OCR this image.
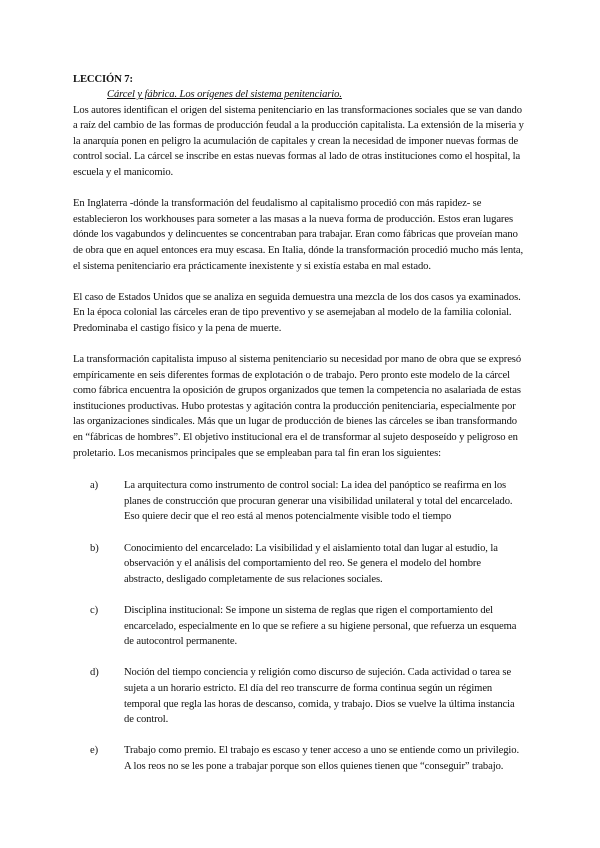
LECCIÓN 7:

Cárcel y fábrica. Los orígenes del sistema penitenciario.

Los autores identifican el origen del sistema penitenciario en las transformaciones sociales que se van dando a raíz del cambio de las formas de producción feudal a la producción capitalista. La extensión de la miseria y la anarquía ponen en peligro la acumulación de capitales y crean la necesidad de imponer nuevas formas de control social. La cárcel se inscribe en estas nuevas formas al lado de otras instituciones como el hospital, la escuela y el manicomio.

En Inglaterra -dónde la transformación del feudalismo al capitalismo procedió con más rapidez- se establecieron los workhouses para someter a las masas a la nueva forma de producción. Estos eran lugares dónde los vagabundos y delincuentes se concentraban para trabajar. Eran como fábricas que proveían mano de obra que en aquel entonces era muy escasa. En Italia, dónde la transformación procedió mucho más lenta, el sistema penitenciario era prácticamente inexistente y si existía estaba en mal estado.

El caso de Estados Unidos que se analiza en seguida demuestra una mezcla de los dos casos ya examinados. En la época colonial las cárceles eran de tipo preventivo y se asemejaban al modelo de la familia colonial. Predominaba el castigo físico y la pena de muerte.

La transformación capitalista impuso al sistema penitenciario su necesidad por mano de obra que se expresó empíricamente en seis diferentes formas de explotación o de trabajo. Pero pronto este modelo de la cárcel como fábrica encuentra la oposición de grupos organizados que temen la competencia no asalariada de estas instituciones productivas. Hubo protestas y agitación contra la producción penitenciaria, especialmente por las organizaciones sindicales. Más que un lugar de producción de bienes las cárceles se iban transformando en “fábricas de hombres”. El objetivo institucional era el de transformar al sujeto desposeído y peligroso en proletario. Los mecanismos principales que se empleaban para tal fin eran los siguientes:

a) La arquitectura como instrumento de control social: La idea del panóptico se reafirma en los planes de construcción que procuran generar una visibilidad unilateral y total del encarcelado. Eso quiere decir que el reo está al menos potencialmente visible todo el tiempo
b) Conocimiento del encarcelado: La visibilidad y el aislamiento total dan lugar al estudio, la observación y el análisis del comportamiento del reo. Se genera el modelo del hombre abstracto, desligado completamente de sus relaciones sociales.
c) Disciplina institucional: Se impone un sistema de reglas que rigen el comportamiento del encarcelado, especialmente en lo que se refiere a su higiene personal, que refuerza un esquema de autocontrol permanente.
d) Noción del tiempo conciencia y religión como discurso de sujeción. Cada actividad o tarea se sujeta a un horario estricto. El día del reo transcurre de forma continua según un régimen temporal que regla las horas de descanso, comida, y trabajo. Dios se vuelve la última instancia de control.
e) Trabajo como premio. El trabajo es escaso y tener acceso a uno se entiende como un privilegio. A los reos no se les pone a trabajar porque son ellos quienes tienen que “conseguir” trabajo.
